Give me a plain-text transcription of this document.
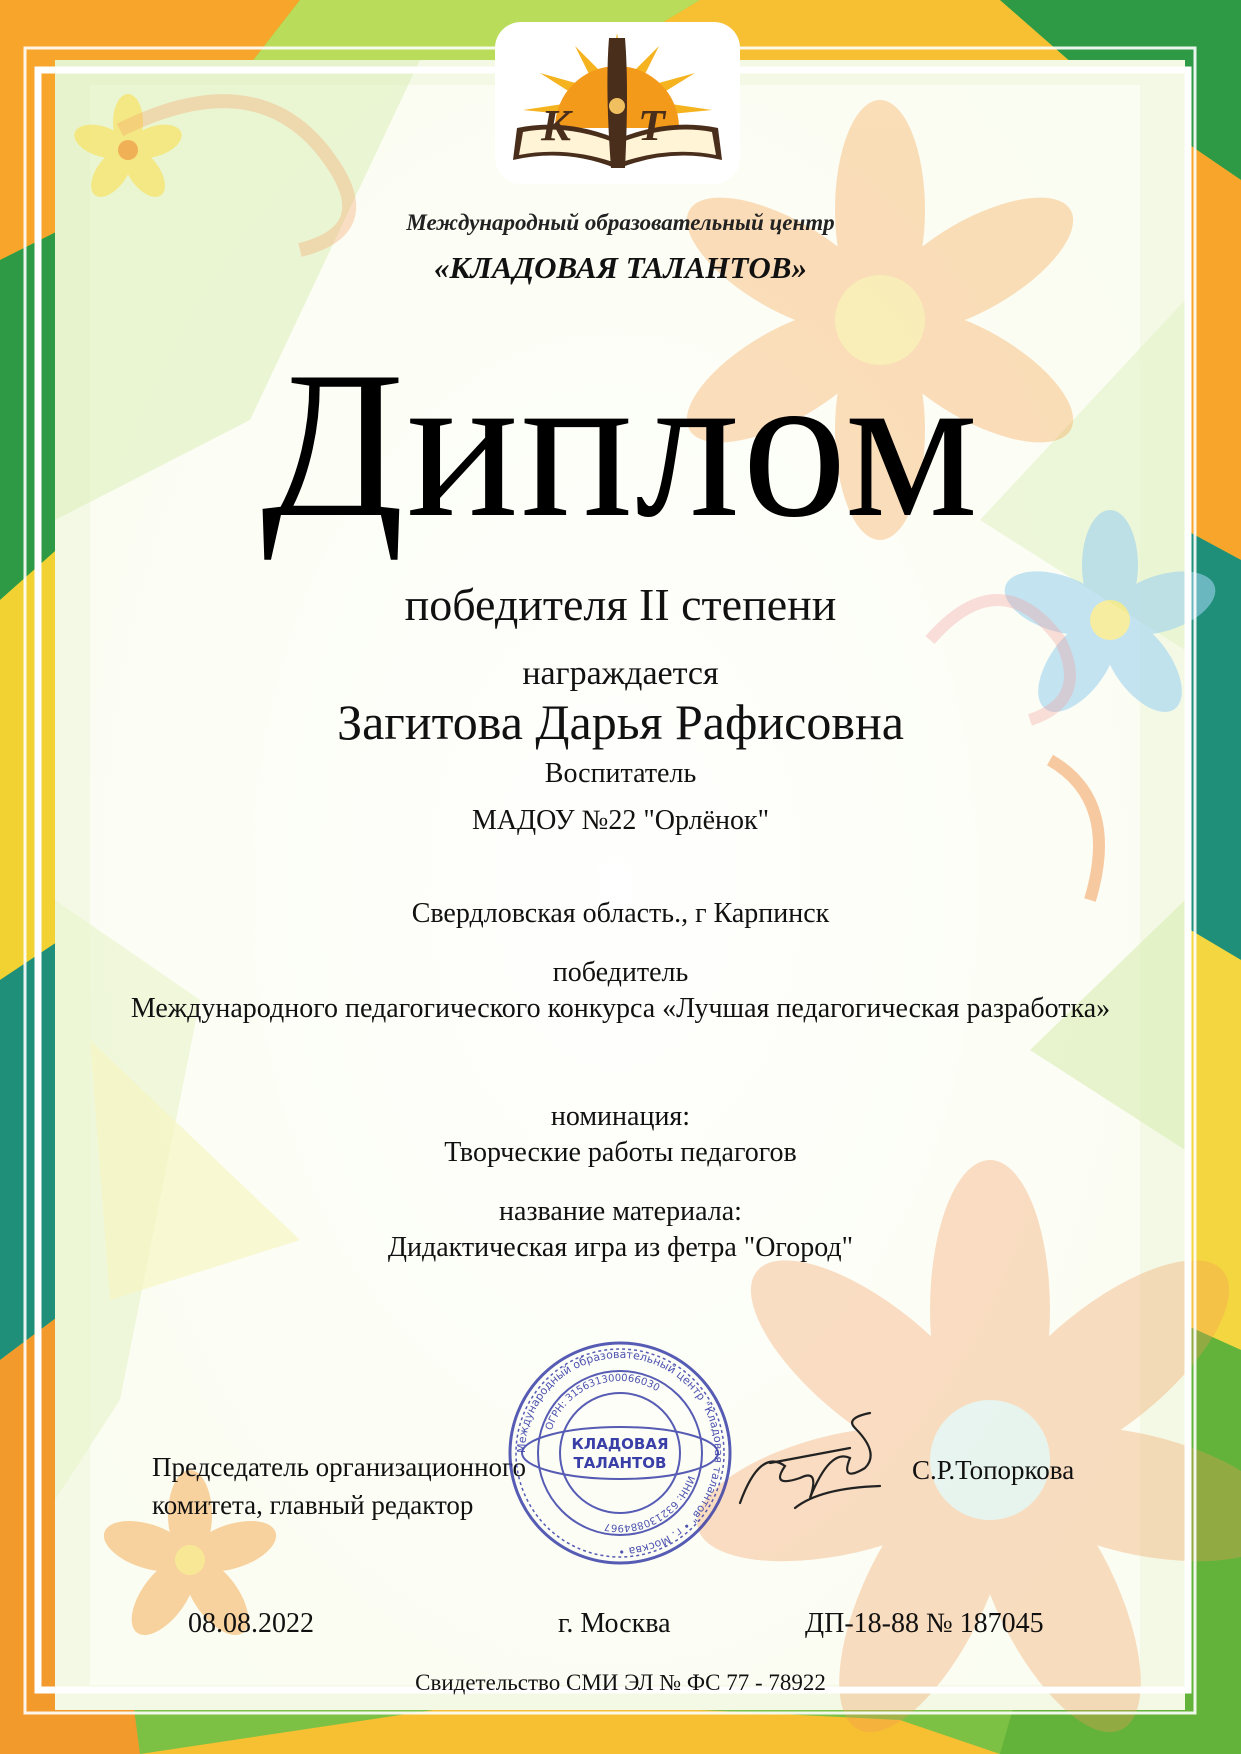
К Т
Международный образовательный центр
«КЛАДОВАЯ ТАЛАНТОВ»
Диплом
победителя II степени
награждается
Загитова Дарья Рафисовна
Воспитатель
МАДОУ №22 "Орлёнок"
Свердловская область., г Карпинск
победитель
Международного педагогического конкурса «Лучшая педагогическая разработка»
номинация:
Творческие работы педагогов
название материала:
Дидактическая игра из фетра "Огород"
Председатель организационного
комитета, главный редактор
С.Р.Топоркова
Международный образовательный центр "Кладовая талантов" • г. Москва •
ОГРН: 315631300066030
ИНН: 632130884967
КЛАДОВАЯ
ТАЛАНТОВ
08.08.2022	г. Москва	ДП-18-88 № 187045
Свидетельство СМИ ЭЛ № ФС 77 - 78922
